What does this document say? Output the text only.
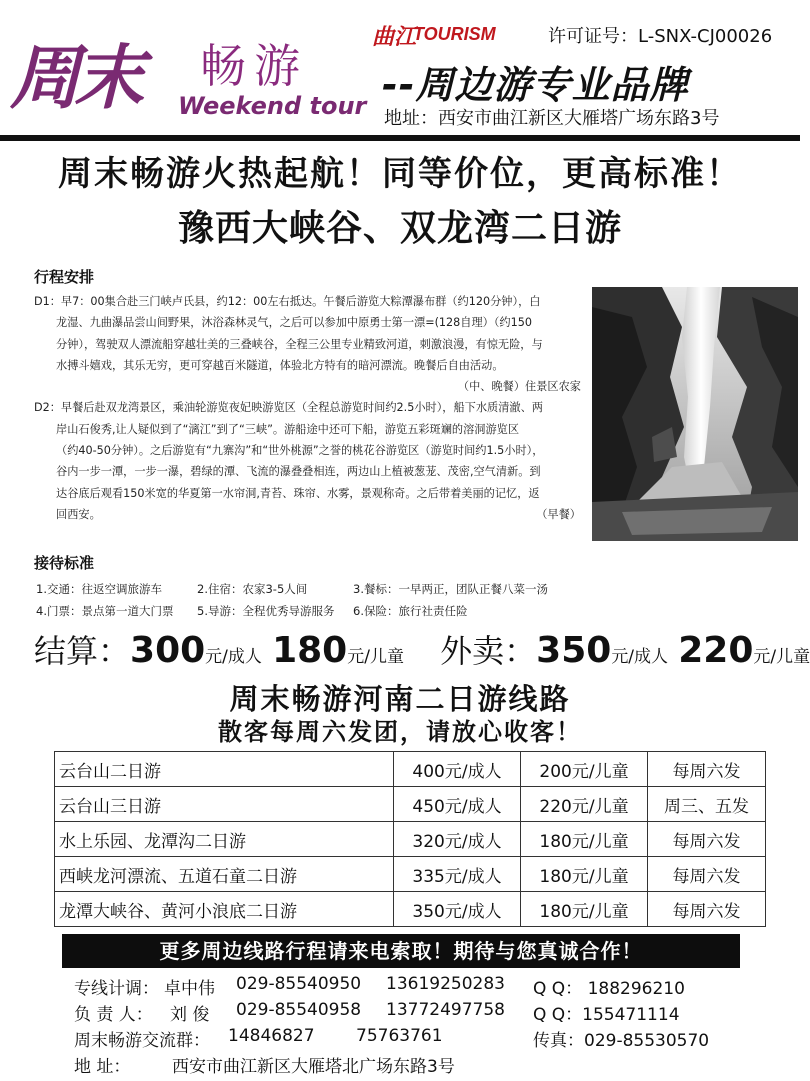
周末 畅游
Weekend tour
曲江
TOURISM	许可证号：L-SNX-CJ00026
--周边游专业品牌
地址：西安市曲江新区大雁塔广场东路3号
周末畅游火热起航！同等价位，更高标准！
豫西大峡谷、双龙湾二日游
行程安排
D1：早7：00集合赴三门峡卢氏县，约12：00左右抵达。午餐后游览大粽潭瀑布群（约120分钟），白
龙湿、九曲瀑品尝山间野果，沐浴森林灵气，之后可以参加中原勇士第一漂=(128自理）（约150
分钟），驾驶双人漂流船穿越壮美的三叠峡谷，全程三公里专业精致河道，刺激浪漫，有惊无险，与
水搏斗嬉戏，其乐无穷，更可穿越百米隧道，体验北方特有的暗河漂流。晚餐后自由活动。
（中、晚餐）住景区农家
D2：早餐后赴双龙湾景区，乘油轮游览夜妃映游览区（全程总游览时间约2.5小时），船下水质清澈、两
岸山石俊秀,让人疑似到了“漓江”到了“三峡”。游船途中还可下船，游览五彩斑斓的溶洞游览区
（约40-50分钟）。之后游览有“九寨沟”和“世外桃源”之誉的桃花谷游览区（游览时间约1.5小时），
谷内一步一潭，一步一瀑，碧绿的潭、飞流的瀑叠叠相连，两边山上植被葱茏、茂密,空气清新。到
达谷底后观看150米宽的华夏第一水帘洞,青苔、珠帘、水雾，景观称奇。之后带着美丽的记忆，返
回西安。	（早餐）
接待标准
1.交通：往返空调旅游车	2.住宿：农家3-5人间	3.餐标：一早两正，团队正餐八菜一汤
4.门票：景点第一道大门票	5.导游：全程优秀导游服务	6.保险：旅行社责任险
结算：300元/成人 180元/儿童 外卖：350元/成人 220元/儿童
周末畅游河南二日游线路
散客每周六发团，请放心收客！
云台山二日游	400元/成人	200元/儿童	每周六发
云台山三日游	450元/成人	220元/儿童	周三、五发
水上乐园、龙潭沟二日游	320元/成人	180元/儿童	每周六发
西峡龙河漂流、五道石童二日游	335元/成人	180元/儿童	每周六发
龙潭大峡谷、黄河小浪底二日游	350元/成人	180元/儿童	每周六发
更多周边线路行程请来电索取！期待与您真诚合作！
专线计调： 卓中伟 029-85540950 13619250283 Q Q： 188296210
负 责 人： 刘 俊 029-85540958 13772497758 Q Q：155471114
周末畅游交流群： 14846827 75763761	传真：029-85530570
地 址： 西安市曲江新区大雁塔北广场东路3号
